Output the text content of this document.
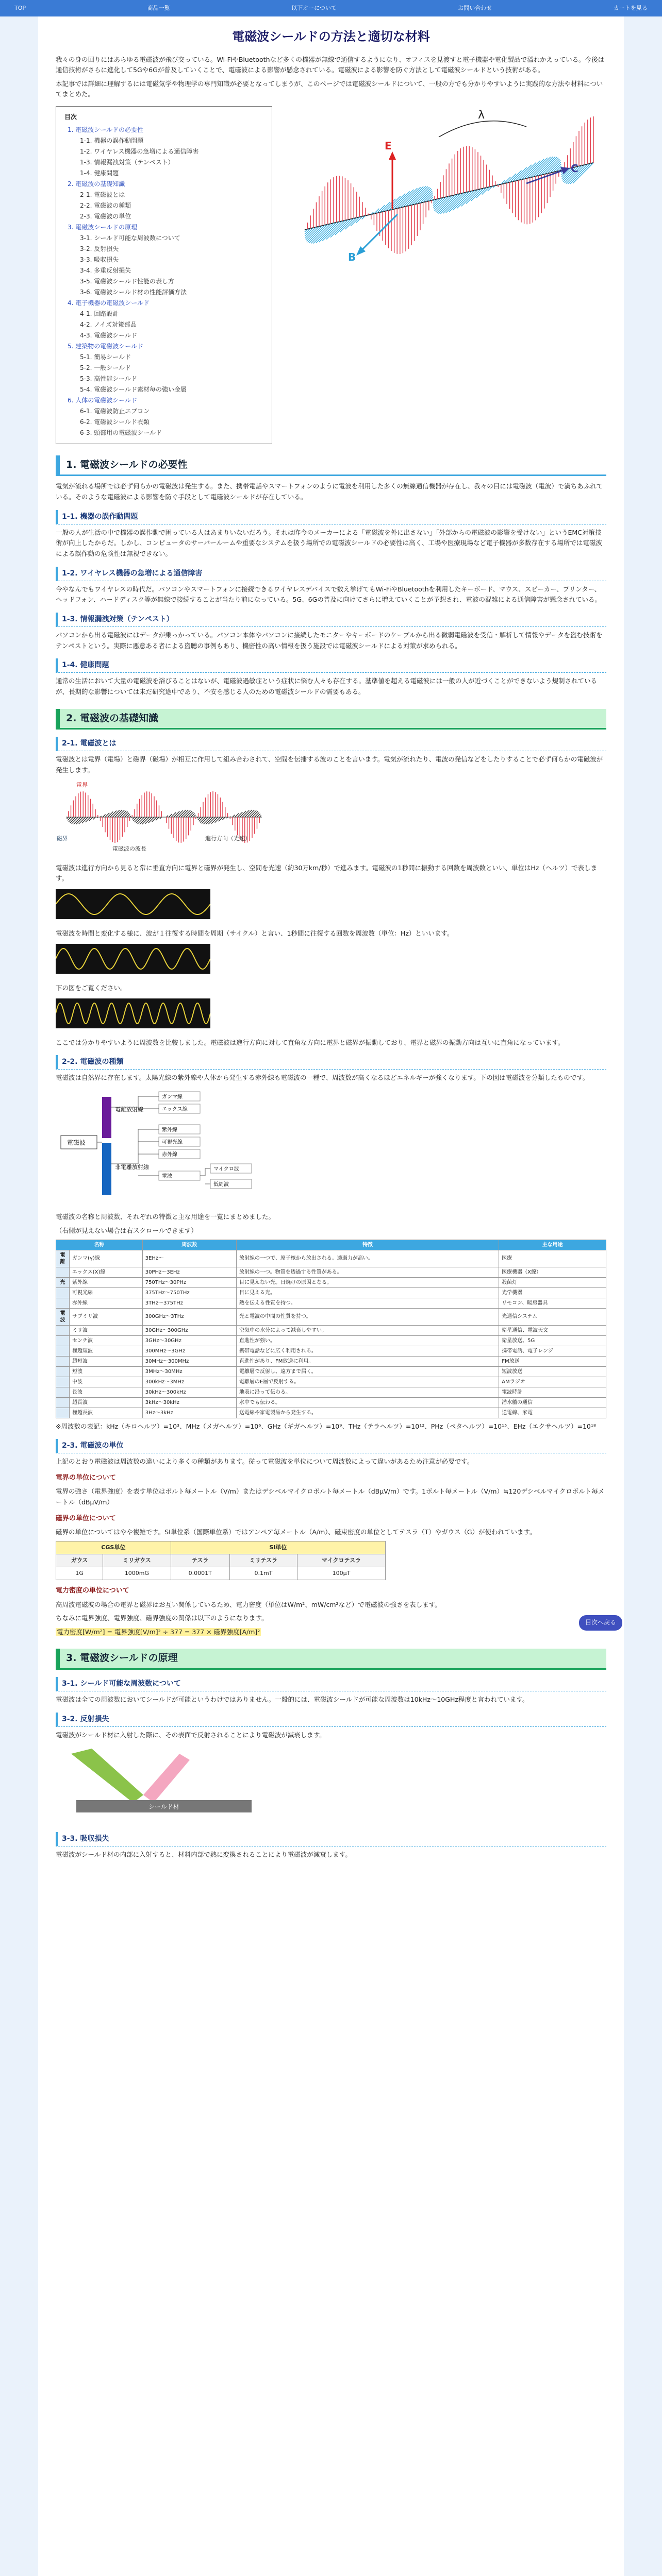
TOP	商品一覧	以下オーについて	お問い合わせ	カートを見る
電磁波シールドの方法と適切な材料

我々の身の回りにはあらゆる電磁波が飛び交っている。Wi-FiやBluetoothなど多くの機器が無線で通信するようになり、オフィスを見渡すと電子機器や電化製品で溢れかえっている。今後は通信技術がさらに進化して5Gや6Gが普及していくことで、電磁波による影響が懸念されている。電磁波による影響を防ぐ方法として電磁波シールドという技術がある。

本記事では詳細に理解するには電磁気学や物理学の専門知識が必要となってしまうが、このページでは電磁波シールドについて、一般の方でも分かりやすいように実践的な方法や材料についてまとめた。

目次
1. 電磁波シールドの必要性
1-1. 機器の誤作動問題
1-2. ワイヤレス機器の急増による通信障害
1-3. 情報漏洩対策（テンペスト）
1-4. 健康問題
2. 電磁波の基礎知識
2-1. 電磁波とは
2-2. 電磁波の種類
2-3. 電磁波の単位
3. 電磁波シールドの原理
3-1. シールド可能な周波数について
3-2. 反射損失
3-3. 吸収損失
3-4. 多重反射損失
3-5. 電磁波シールド性能の表し方
3-6. 電磁波シールド材の性能評価方法
4. 電子機器の電磁波シールド
4-1. 回路設計
4-2. ノイズ対策部品
4-3. 電磁波シールド
5. 建築物の電磁波シールド
5-1. 簡易シールド
5-2. 一般シールド
5-3. 高性能シールド
5-4. 電磁波シールド素材毎の強い金属
6. 人体の電磁波シールド
6-1. 電磁波防止エプロン
6-2. 電磁波シールド衣類
6-3. 頭部用の電磁波シールド
E
B
C
λ
1. 電磁波シールドの必要性

電気が流れる場所では必ず何らかの電磁波は発生する。また、携帯電話やスマートフォンのように電波を利用した多くの無線通信機器が存在し、我々の目には電磁波（電波）で満ちあふれている。そのような電磁波による影響を防ぐ手段として電磁波シールドが存在している。

1-1. 機器の誤作動問題

一般の人が生活の中で機器の誤作動で困っている人はあまりいないだろう。それは昨今のメーカーによる「電磁波を外に出さない」「外部からの電磁波の影響を受けない」というEMC対策技術が向上したからだ。しかし、コンピュータのサーバールームや重要なシステムを扱う場所での電磁波シールドの必要性は高く、工場や医療現場など電子機器が多数存在する場所では電磁波による誤作動の危険性は無視できない。

1-2. ワイヤレス機器の急増による通信障害

今やなんでもワイヤレスの時代だ。パソコンやスマートフォンに接続できるワイヤレスデバイスで数え挙げてもWi-FiやBluetoothを利用したキーボード、マウス、スピーカー、プリンター、ヘッドフォン、ハードディスク等が無線で接続することが当たり前になっている。5G、6Gの普及に向けてさらに増えていくことが予想され、電波の混雑による通信障害が懸念されている。

1-3. 情報漏洩対策（テンペスト）

パソコンから出る電磁波にはデータが乗っかっている。パソコン本体やパソコンに接続したモニターやキーボードのケーブルから出る微弱電磁波を受信・解析して情報やデータを盗む技術をテンペストという。実際に悪意ある者による盗聴の事例もあり、機密性の高い情報を扱う施設では電磁波シールドによる対策が求められる。

1-4. 健康問題

通常の生活において大量の電磁波を浴びることはないが、電磁波過敏症という症状に悩む人々も存在する。基準値を超える電磁波には一般の人が近づくことができないよう規制されているが、長期的な影響については未だ研究途中であり、不安を感じる人のための電磁波シールドの需要もある。

2. 電磁波の基礎知識
2-1. 電磁波とは

電磁波とは電界（電場）と磁界（磁場）が相互に作用して組み合わされて、空間を伝播する波のことを言います。電気が流れたり、電波の発信などをしたりすることで必ず何らかの電磁波が発生します。

電界
磁界
電磁波の波長
進行方向（光速）

電磁波は進行方向から見ると常に垂直方向に電界と磁界が発生し、空間を光速（約30万km/秒）で進みます。電磁波の1秒間に振動する回数を周波数といい、単位はHz（ヘルツ）で表します。

電磁波を時間と変化する様に、波が１往復する時間を周期（サイクル）と言い、1秒間に往復する回数を周波数（単位：Hz）といいます。

下の図をご覧ください。

ここでは分かりやすいように周波数を比較しました。電磁波は進行方向に対して直角な方向に電界と磁界が振動しており、電界と磁界の振動方向は互いに直角になっています。

2-2. 電磁波の種類

電磁波は自然界に存在します。太陽光線の紫外線や人体から発生する赤外線も電磁波の一種で、周波数が高くなるほどエネルギーが強くなります。下の図は電磁波を分類したものです。

電磁波
電離放射線
非電離放射線
ガンマ線
エックス線
紫外線
可視光線
赤外線
電波
マイクロ波
低周波

電磁波の名称と周波数、それぞれの特徴と主な用途を一覧にまとめました。

（右側が見えない場合は右スクロールできます）

名称		周波数	特徴	主な用途
電離	ガンマ(γ)線	3EHz〜	放射線の一つで、原子核から放出される。透過力が高い。	医療
	エックス(X)線	30PHz〜3EHz	放射線の一つ。物質を透過する性質がある。	医療機器（X線）
光	紫外線	750THz〜30PHz	目に見えない光。日焼けの原因となる。	殺菌灯
	可視光線	375THz〜750THz	目に見える光。	光学機器
	赤外線	3THz〜375THz	熱を伝える性質を持つ。	リモコン、暖房器具
電波	サブミリ波	300GHz〜3THz	光と電波の中間の性質を持つ。	光通信システム
	ミリ波	30GHz〜300GHz	空気中の水分によって減衰しやすい。	衛星通信、電波天文
	センチ波	3GHz〜30GHz	直進性が強い。	衛星放送、5G
	極超短波	300MHz〜3GHz	携帯電話などに広く利用される。	携帯電話、電子レンジ
	超短波	30MHz〜300MHz	直進性があり、FM放送に利用。	FM放送
	短波	3MHz〜30MHz	電離層で反射し、遠方まで届く。	短波放送
	中波	300kHz〜3MHz	電離層のE層で反射する。	AMラジオ
	長波	30kHz〜300kHz	地表に沿って伝わる。	電波時計
	超長波	3kHz〜30kHz	水中でも伝わる。	潜水艦の通信
	極超長波	3Hz〜3kHz	送電線や家電製品から発生する。	送電線、家電

※周波数の表記：kHz（キロヘルツ）=10³、MHz（メガヘルツ）=10⁶、GHz（ギガヘルツ）=10⁹、THz（テラヘルツ）=10¹²、PHz（ペタヘルツ）=10¹⁵、EHz（エクサヘルツ）=10¹⁸

2-3. 電磁波の単位

上記のとおり電磁波は周波数の違いにより多くの種類があります。従って電磁波を単位について周波数によって違いがあるため注意が必要です。

電界の単位について

電界の強さ（電界強度）を表す単位はボルト毎メートル（V/m）またはデシベルマイクロボルト毎メートル（dBμV/m）です。1ボルト毎メートル（V/m）≒120デシベルマイクロボルト毎メートル（dBμV/m）

磁界の単位について

磁界の単位についてはやや複雑です。SI単位系（国際単位系）ではアンペア毎メートル（A/m）、磁束密度の単位としてテスラ（T）やガウス（G）が使われています。

CGS単位		SI単位		
ガウス	ミリガウス	テスラ	ミリテスラ	マイクロテスラ
1G	1000mG	0.0001T	0.1mT	100μT
電力密度の単位について

高周波電磁波の場合の電界と磁界はお互い関係しているため、電力密度（単位はW/m²、mW/cm²など）で電磁波の強さを表します。

ちなみに電界強度、電界強度、磁界強度の関係は以下のようになります。

電力密度[W/m²] = 電界強度[V/m]² ÷ 377 = 377 × 磁界強度[A/m]²

3. 電磁波シールドの原理
3-1. シールド可能な周波数について

電磁波は全ての周波数においてシールドが可能というわけではありません。一般的には、電磁波シールドが可能な周波数は10kHz〜10GHz程度と言われています。

3-2. 反射損失

電磁波がシールド材に入射した際に、その表面で反射されることにより電磁波が減衰します。

シールド材
3-3. 吸収損失

電磁波がシールド材の内部に入射すると、材料内部で熱に変換されることにより電磁波が減衰します。

目次へ戻る
